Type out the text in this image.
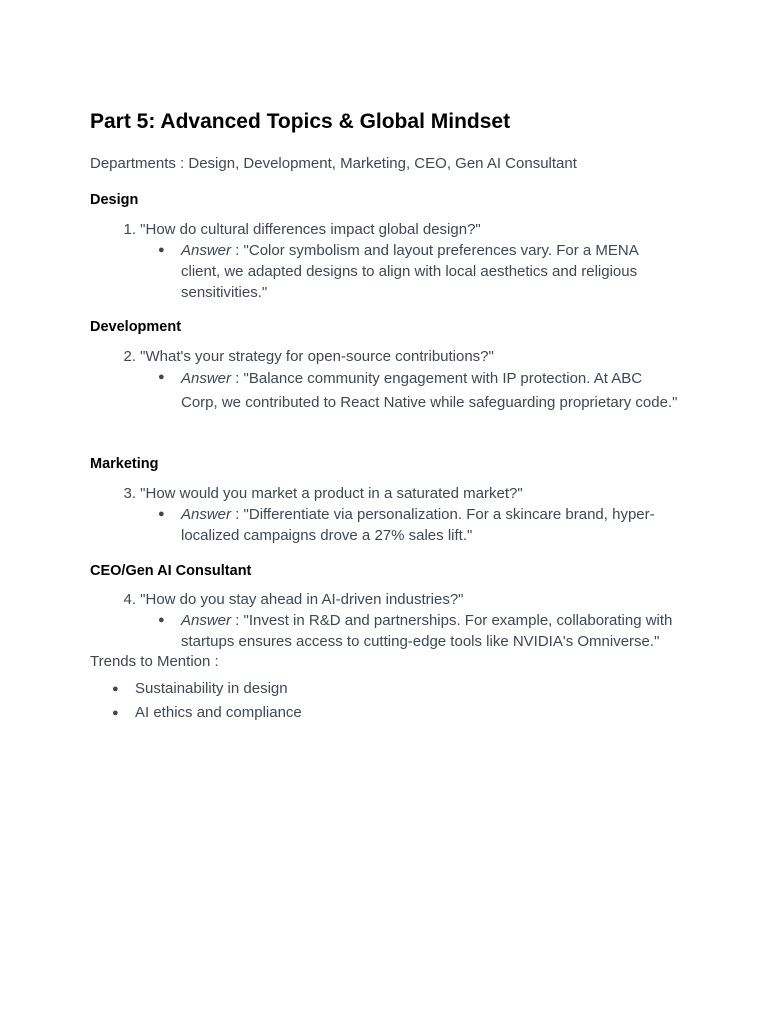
Part 5: Advanced Topics & Global Mindset
Departments : Design, Development, Marketing, CEO, Gen AI Consultant
Design
1. "How do cultural differences impact global design?"
●	Answer : "Color symbolism and layout preferences vary. For a MENA client, we adapted designs to align with local aesthetics and religious sensitivities."
Development
2. "What's your strategy for open-source contributions?"
●	Answer : "Balance community engagement with IP protection. At ABC Corp, we contributed to React Native while safeguarding proprietary code."
Marketing
3. "How would you market a product in a saturated market?"
●	Answer : "Differentiate via personalization. For a skincare brand, hyper-localized campaigns drove a 27% sales lift."
CEO/Gen AI Consultant
4. "How do you stay ahead in AI-driven industries?"
●	Answer : "Invest in R&D and partnerships. For example, collaborating with startups ensures access to cutting-edge tools like NVIDIA's Omniverse."
Trends to Mention :
● Sustainability in design
● AI ethics and compliance
